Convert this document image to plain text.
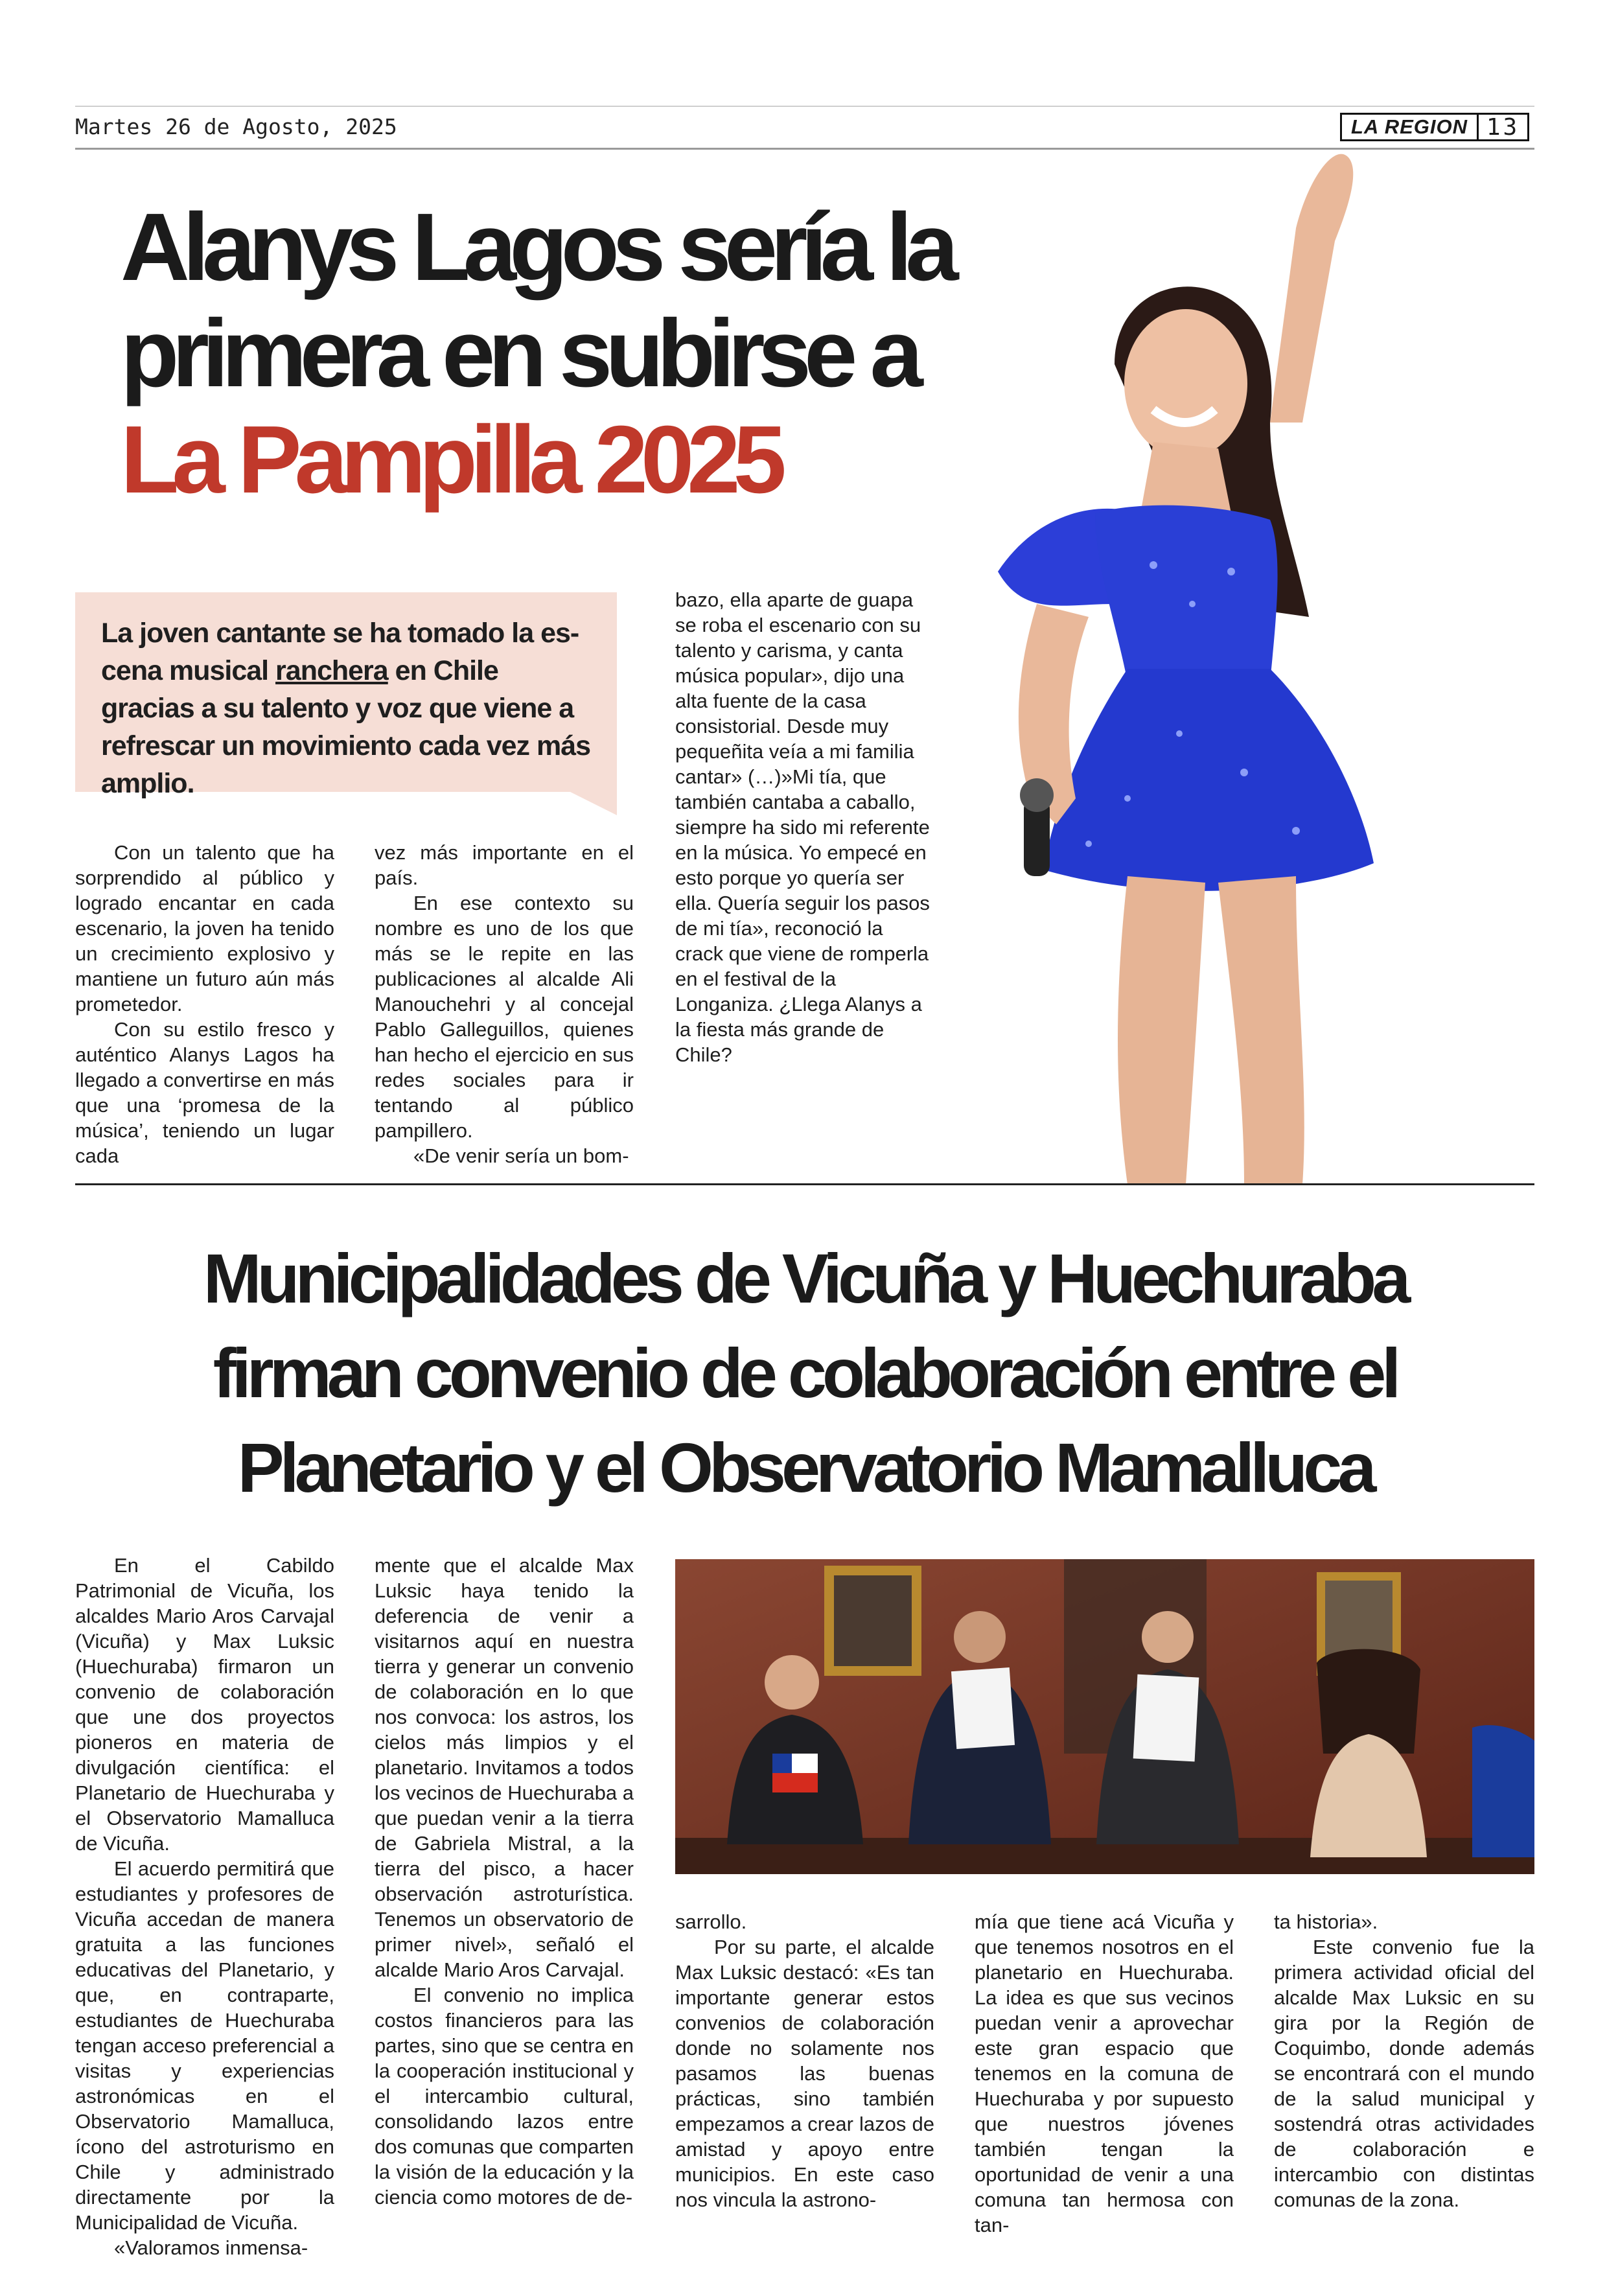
Martes 26 de Agosto, 2025	LA REGION 13
Alanys Lagos sería la
primera en subirse a
La Pampilla 2025

La joven cantante se ha tomado la es-cena musical ranchera en Chile gracias a su talento y voz que viene a refrescar un movimiento cada vez más amplio.

Con un talento que ha sorprendido al público y logrado encantar en cada escenario, la joven ha tenido un crecimiento explosivo y mantiene un futuro aún más prometedor.

Con su estilo fresco y auténtico Alanys Lagos ha llegado a convertirse en más que una ‘promesa de la música’, teniendo un lugar cada

vez más importante en el país.

En ese contexto su nombre es uno de los que más se le repite en las publicaciones al alcalde Ali Manouchehri y al concejal Pablo Galleguillos, quienes han hecho el ejercicio en sus redes sociales para ir tentando al público pampillero.

«De venir sería un bom-

bazo, ella aparte de guapa se roba el escenario con su talento y carisma, y canta música popular», dijo una alta fuente de la casa consistorial. Desde muy pequeñita veía a mi familia cantar» (…)»Mi tía, que también cantaba a caballo, siempre ha sido mi referente en la música. Yo empecé en esto porque yo quería ser ella. Quería seguir los pasos de mi tía», reconoció la crack que viene de romperla en el festival de la Longaniza. ¿Llega Alanys a la fiesta más grande de Chile?

Municipalidades de Vicuña y Huechuraba
firman convenio de colaboración entre el
Planetario y el Observatorio Mamalluca

En el Cabildo Patrimonial de Vicuña, los alcaldes Mario Aros Carvajal (Vicuña) y Max Luksic (Huechuraba) firmaron un convenio de colaboración que une dos proyectos pioneros en materia de divulgación científica: el Planetario de Huechuraba y el Observatorio Mamalluca de Vicuña.

El acuerdo permitirá que estudiantes y profesores de Vicuña accedan de manera gratuita a las funciones educativas del Planetario, y que, en contraparte, estudiantes de Huechuraba tengan acceso preferencial a visitas y experiencias astronómicas en el Observatorio Mamalluca, ícono del astroturismo en Chile y administrado directamente por la Municipalidad de Vicuña.

«Valoramos inmensa-

mente que el alcalde Max Luksic haya tenido la deferencia de venir a visitarnos aquí en nuestra tierra y generar un convenio de colaboración en lo que nos convoca: los astros, los cielos más limpios y el planetario. Invitamos a todos los vecinos de Huechuraba a que puedan venir a la tierra de Gabriela Mistral, a la tierra del pisco, a hacer observación astroturística. Tenemos un observatorio de primer nivel», señaló el alcalde Mario Aros Carvajal.

El convenio no implica costos financieros para las partes, sino que se centra en la cooperación institucional y el intercambio cultural, consolidando lazos entre dos comunas que comparten la visión de la educación y la ciencia como motores de de-

sarrollo.

Por su parte, el alcalde Max Luksic destacó: «Es tan importante generar estos convenios de colaboración donde no solamente nos pasamos las buenas prácticas, sino también empezamos a crear lazos de amistad y apoyo entre municipios. En este caso nos vincula la astrono-

mía que tiene acá Vicuña y que tenemos nosotros en el planetario en Huechuraba. La idea es que sus vecinos puedan venir a aprovechar este gran espacio que tenemos en la comuna de Huechuraba y por supuesto que nuestros jóvenes también tengan la oportunidad de venir a una comuna tan hermosa con tan-

ta historia».

Este convenio fue la primera actividad oficial del alcalde Max Luksic en su gira por la Región de Coquimbo, donde además se encontrará con el mundo de la salud municipal y sostendrá otras actividades de colaboración e intercambio con distintas comunas de la zona.
